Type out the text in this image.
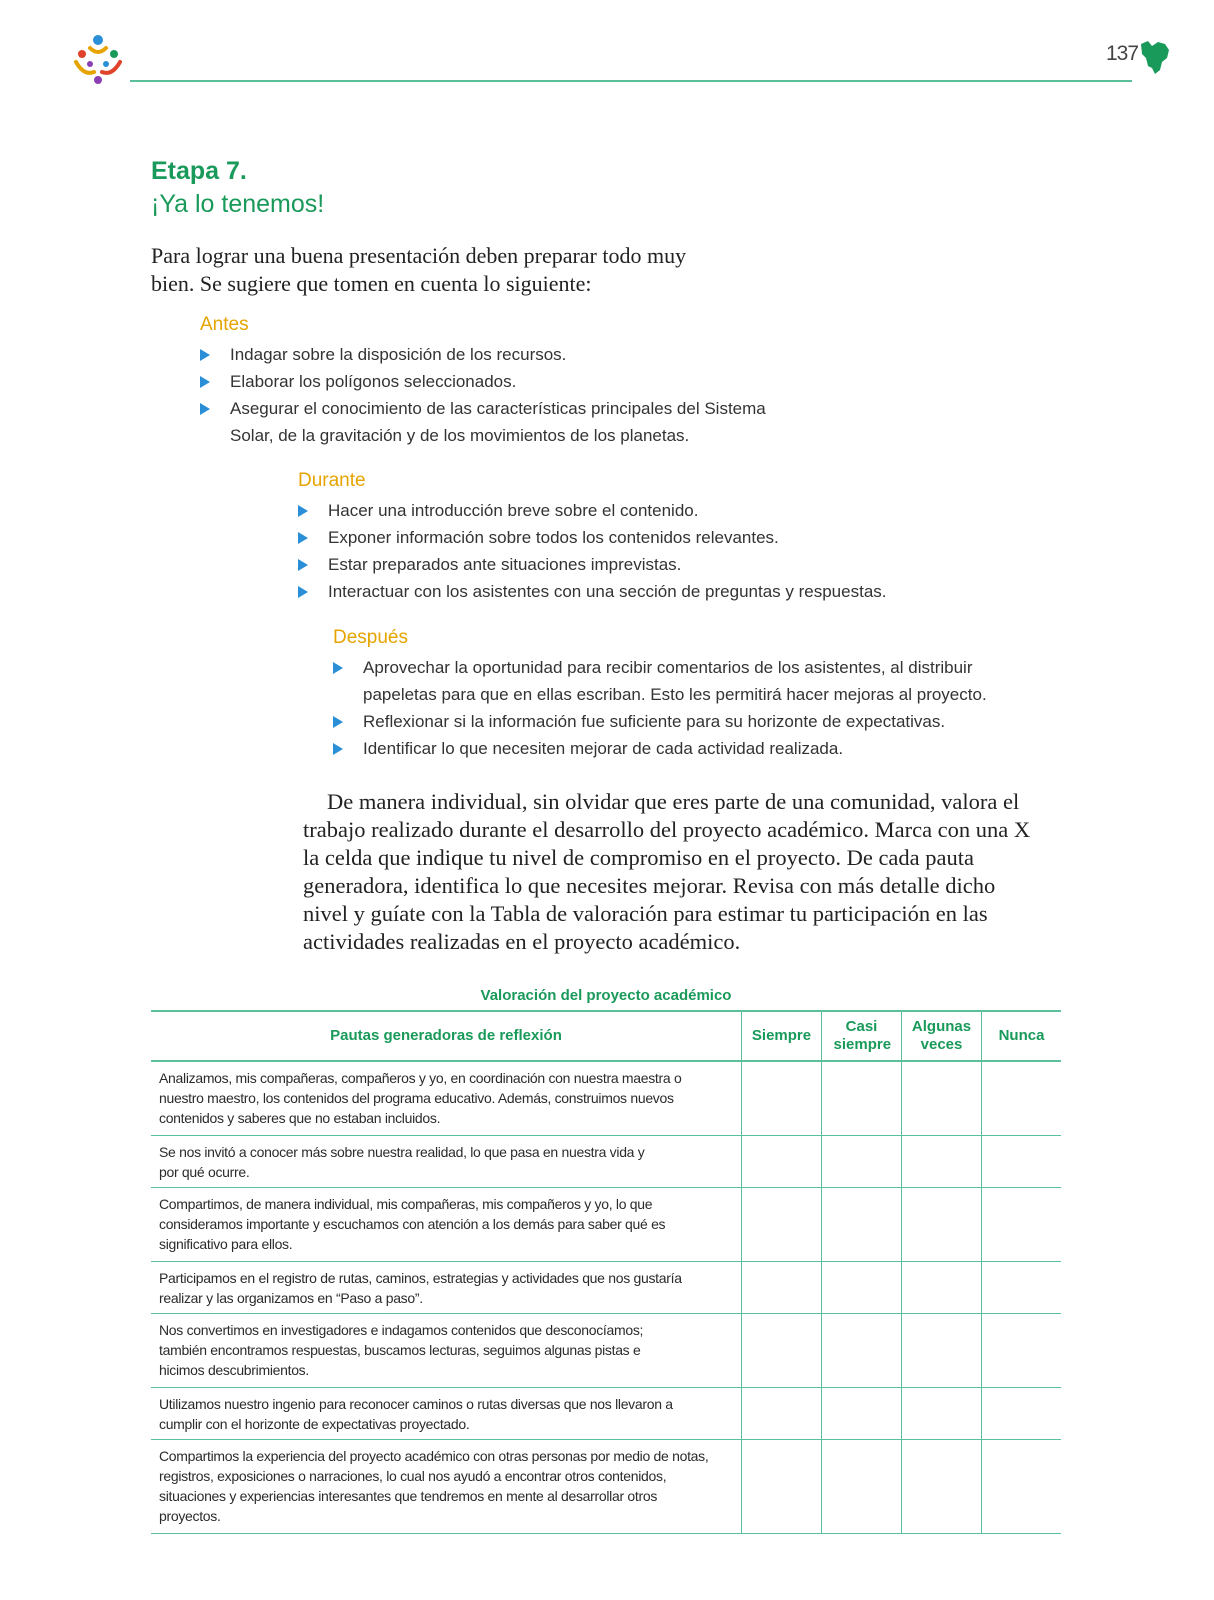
137
Etapa 7.
¡Ya lo tenemos!

Para lograr una buena presentación deben preparar todo muy
bien. Se sugiere que tomen en cuenta lo siguiente:

Antes
Indagar sobre la disposición de los recursos.
Elaborar los polígonos seleccionados.
Asegurar el conocimiento de las características principales del Sistema Solar, de la gravitación y de los movimientos de los planetas.
Durante
Hacer una introducción breve sobre el contenido.
Exponer información sobre todos los contenidos relevantes.
Estar preparados ante situaciones imprevistas.
Interactuar con los asistentes con una sección de preguntas y respuestas.
Después
Aprovechar la oportunidad para recibir comentarios de los asistentes, al distribuir papeletas para que en ellas escriban. Esto les permitirá hacer mejoras al proyecto.
Reflexionar si la información fue suficiente para su horizonte de expectativas.
Identificar lo que necesiten mejorar de cada actividad realizada.

De manera individual, sin olvidar que eres parte de una comunidad, valora el trabajo realizado durante el desarrollo del proyecto académico. Marca con una X la celda que indique tu nivel de compromiso en el proyecto. De cada pauta generadora, identifica lo que necesites mejorar. Revisa con más detalle dicho nivel y guíate con la Tabla de valoración para estimar tu participación en las actividades realizadas en el proyecto académico.

Valoración del proyecto académico

Pautas generadoras de reflexión	Siempre	Casi siempre	Algunas veces	Nunca

Analizamos, mis compañeras, compañeros y yo, en coordinación con nuestra maestra o nuestro maestro, los contenidos del programa educativo. Además, construimos nuevos contenidos y saberes que no estaban incluidos.				

Se nos invitó a conocer más sobre nuestra realidad, lo que pasa en nuestra vida y por qué ocurre.				

Compartimos, de manera individual, mis compañeras, mis compañeros y yo, lo que consideramos importante y escuchamos con atención a los demás para saber qué es significativo para ellos.				

Participamos en el registro de rutas, caminos, estrategias y actividades que nos gustaría realizar y las organizamos en “Paso a paso”.				

Nos convertimos en investigadores e indagamos contenidos que desconocíamos; también encontramos respuestas, buscamos lecturas, seguimos algunas pistas e hicimos descubrimientos.				

Utilizamos nuestro ingenio para reconocer caminos o rutas diversas que nos llevaron a cumplir con el horizonte de expectativas proyectado.				

Compartimos la experiencia del proyecto académico con otras personas por medio de notas, registros, exposiciones o narraciones, lo cual nos ayudó a encontrar otros contenidos, situaciones y experiencias interesantes que tendremos en mente al desarrollar otros proyectos.				
